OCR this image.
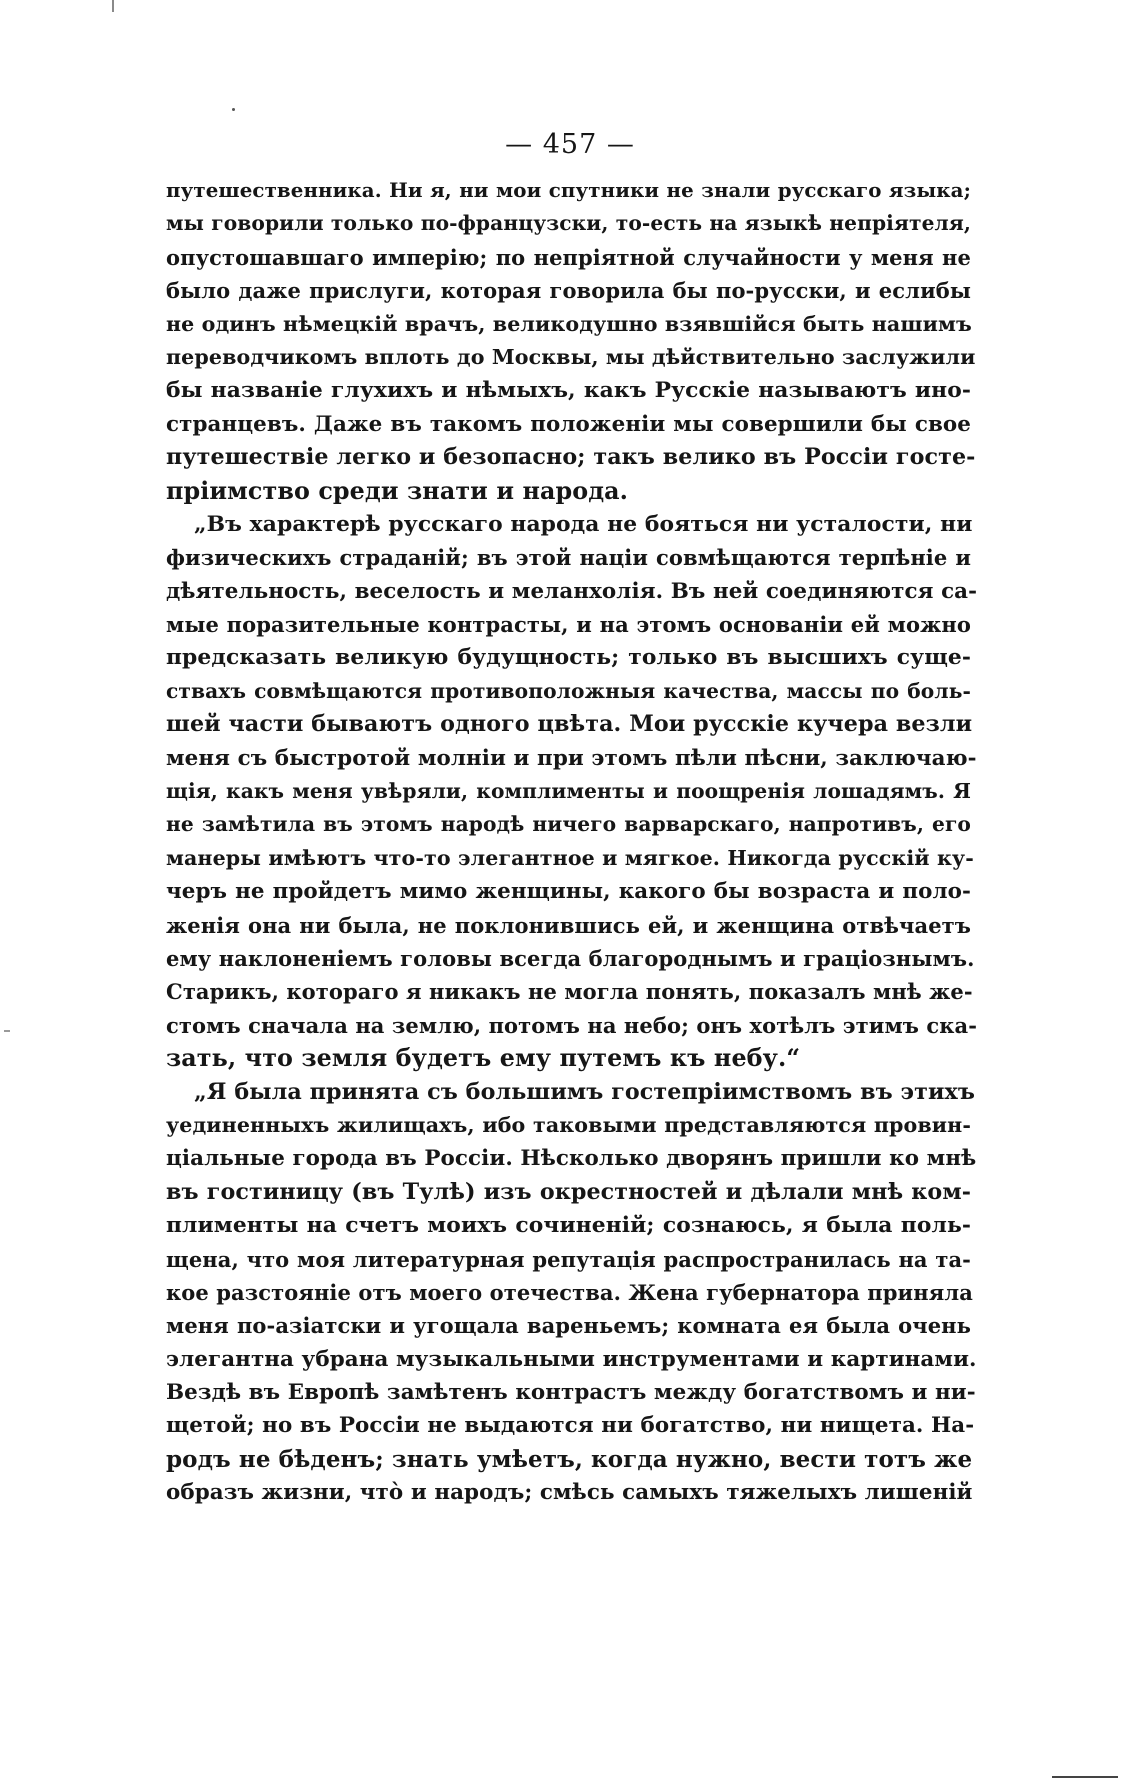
— 457 —
путешественника. Ни я, ни мои спутники не знали русскаго языка;
мы говорили только по-французски, то-есть на языкѣ непріятеля,
опустошавшаго имперію; по непріятной случайности у меня не
было даже прислуги, которая говорила бы по-русски, и еслибы
не одинъ нѣмецкій врачъ, великодушно взявшійся быть нашимъ
переводчикомъ вплоть до Москвы, мы дѣйствительно заслужили
бы названіе глухихъ и нѣмыхъ, какъ Русскіе называютъ ино-
странцевъ. Даже въ такомъ положеніи мы совершили бы свое
путешествіе легко и безопасно; такъ велико въ Россіи госте-
пріимство среди знати и народа.
„Въ характерѣ русскаго народа не бояться ни усталости, ни
физическихъ страданій; въ этой націи совмѣщаются терпѣніе и
дѣятельность, веселость и меланхолія. Въ ней соединяются са-
мые поразительные контрасты, и на этомъ основаніи ей можно
предсказать великую будущность; только въ высшихъ суще-
ствахъ совмѣщаются противоположныя качества, массы по боль-
шей части бываютъ одного цвѣта. Мои русскіе кучера везли
меня съ быстротой молніи и при этомъ пѣли пѣсни, заключаю-
щія, какъ меня увѣряли, комплименты и поощренія лошадямъ. Я
не замѣтила въ этомъ народѣ ничего варварскаго, напротивъ, его
манеры имѣютъ что-то элегантное и мягкое. Никогда русскій ку-
черъ не пройдетъ мимо женщины, какого бы возраста и поло-
женія она ни была, не поклонившись ей, и женщина отвѣчаетъ
ему наклоненіемъ головы всегда благороднымъ и граціознымъ.
Старикъ, котораго я никакъ не могла понять, показалъ мнѣ же-
стомъ сначала на землю, потомъ на небо; онъ хотѣлъ этимъ ска-
зать, что земля будетъ ему путемъ къ небу.“
„Я была принята съ большимъ гостепріимствомъ въ этихъ
уединенныхъ жилищахъ, ибо таковыми представляются провин-
ціальные города въ Россіи. Нѣсколько дворянъ пришли ко мнѣ
въ гостиницу (въ Тулѣ) изъ окрестностей и дѣлали мнѣ ком-
плименты на счетъ моихъ сочиненій; сознаюсь, я была поль-
щена, что моя литературная репутація распространилась на та-
кое разстояніе отъ моего отечества. Жена губернатора приняла
меня по-азіатски и угощала вареньемъ; комната ея была очень
элегантна убрана музыкальными инструментами и картинами.
Вездѣ въ Европѣ замѣтенъ контрастъ между богатствомъ и ни-
щетой; но въ Россіи не выдаются ни богатство, ни нищета. На-
родъ не бѣденъ; знать умѣетъ, когда нужно, вести тотъ же
образъ жизни, что̀ и народъ; смѣсь самыхъ тяжелыхъ лишеній
